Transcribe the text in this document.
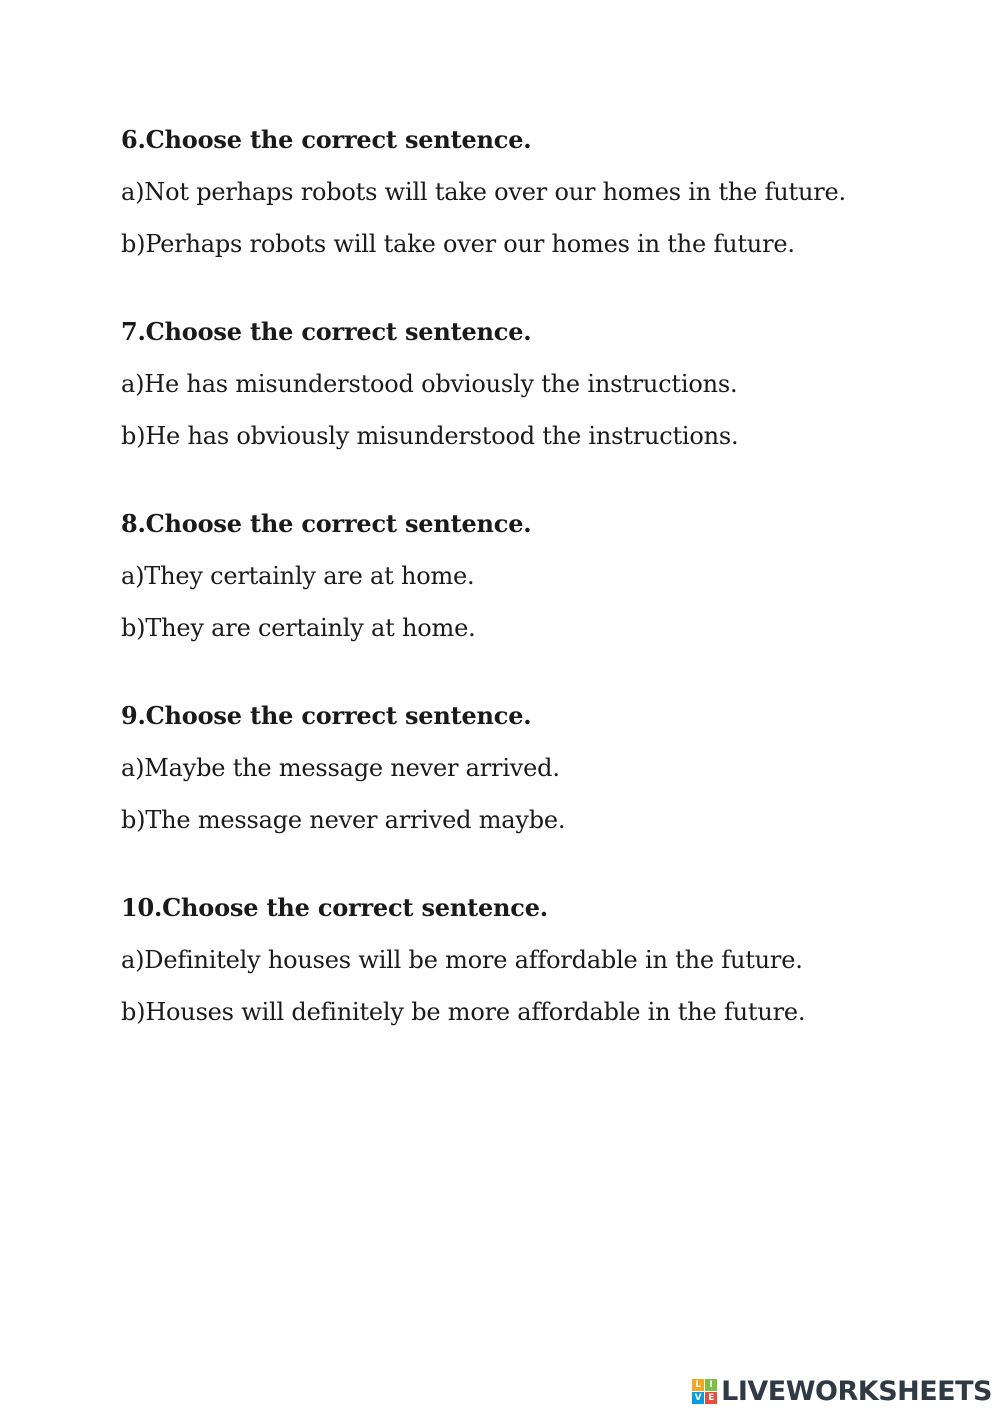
6.Choose the correct sentence.
a)Not perhaps robots will take over our homes in the future.
b)Perhaps robots will take over our homes in the future.
7.Choose the correct sentence.
a)He has misunderstood obviously the instructions.
b)He has obviously misunderstood the instructions.
8.Choose the correct sentence.
a)They certainly are at home.
b)They are certainly at home.
9.Choose the correct sentence.
a)Maybe the message never arrived.
b)The message never arrived maybe.
10.Choose the correct sentence.
a)Definitely houses will be more affordable in the future.
b)Houses will definitely be more affordable in the future.
L I
V E LIVEWORKSHEETS
